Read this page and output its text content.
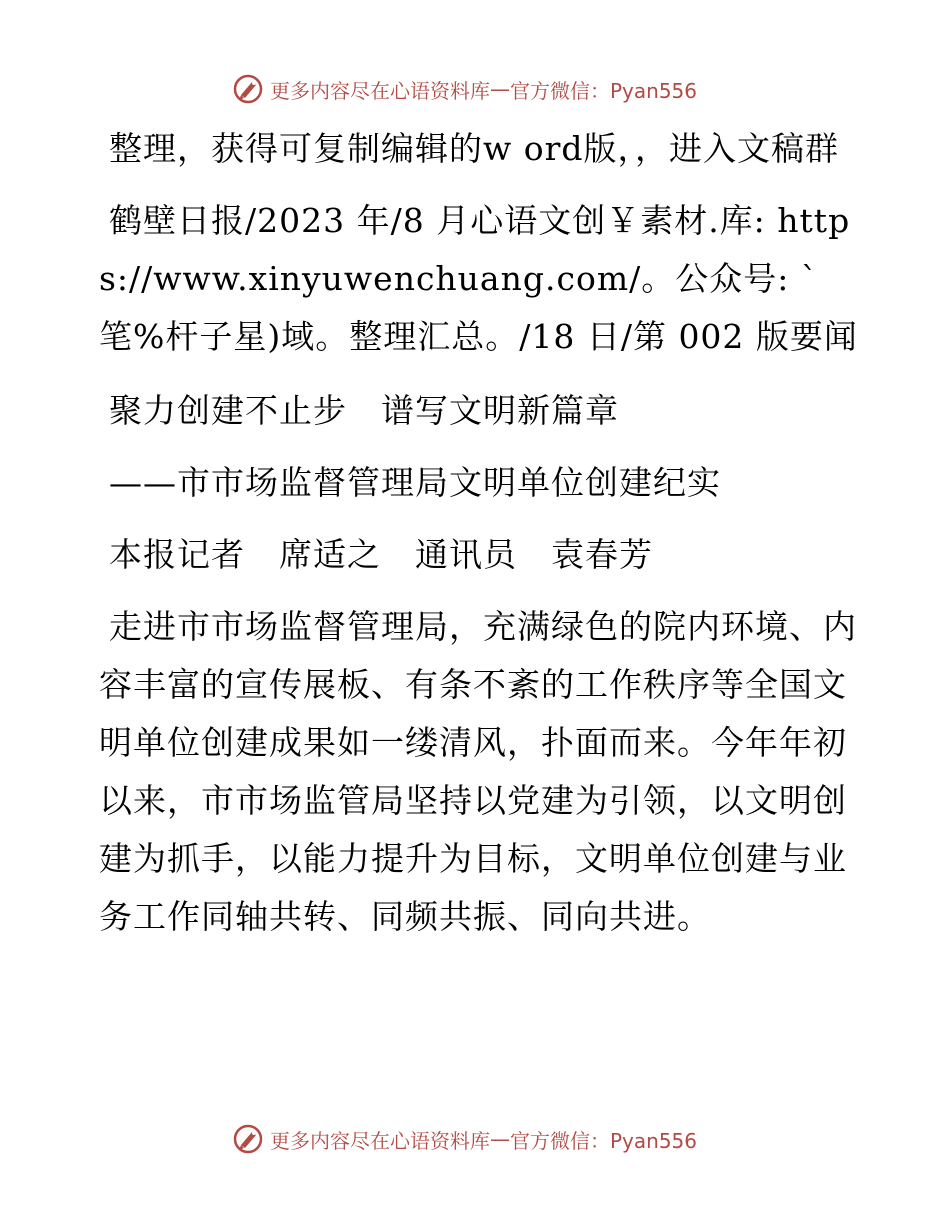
更多内容尽在心语资料库 — 官方微信：Pyan556

整理，获得可复制编辑的w ord版，，进入文稿群

鹤壁日报/2023 年/8 月心语文创￥素材.库: https://www.xinyuwenchuang.com/。公众号: `笔%杆子星)域。整理汇总。/18 日/第 002 版要闻

聚力创建不止步　谱写文明新篇章

——市市场监督管理局文明单位创建纪实

本报记者　席适之　通讯员　袁春芳

走进市市场监督管理局，充满绿色的院内环境、内容丰富的宣传展板、有条不紊的工作秩序等全国文明单位创建成果如一缕清风，扑面而来。今年年初以来，市市场监管局坚持以党建为引领，以文明创建为抓手，以能力提升为目标，文明单位创建与业务工作同轴共转、同频共振、同向共进。

更多内容尽在心语资料库 — 官方微信：Pyan556
